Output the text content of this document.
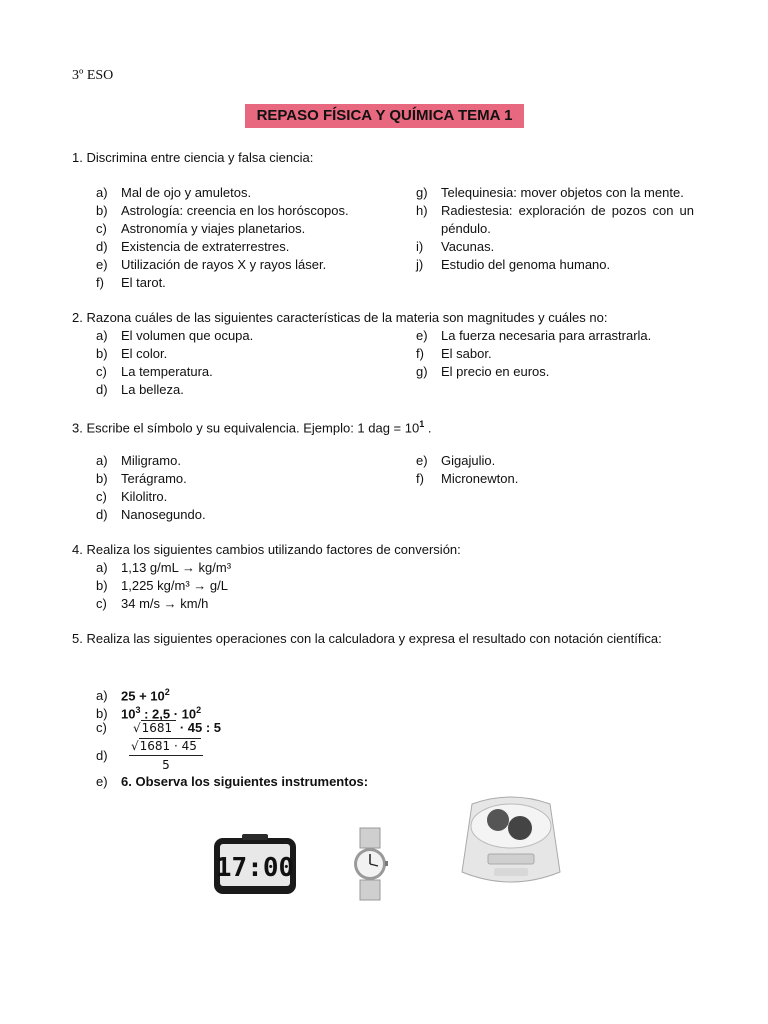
3º ESO
REPASO FÍSICA Y QUÍMICA TEMA 1
1. Discrimina entre ciencia y falsa ciencia:
a) Mal de ojo y amuletos.
b) Astrología: creencia en los horóscopos.
c) Astronomía y viajes planetarios.
d) Existencia de extraterrestres.
e) Utilización de rayos X y rayos láser.
f) El tarot.
g)	Telequinesia: mover objetos con la mente.
h)	Radiestesia: exploración de pozos con un péndulo.
i)	Vacunas.
j)	Estudio del genoma humano.
2. Razona cuáles de las siguientes características de la materia son magnitudes y cuáles no:
a) El volumen que ocupa.
b) El color.
c) La temperatura.
d) La belleza.
e) La fuerza necesaria para arrastrarla.
f) El sabor.
g) El precio en euros.
3. Escribe el símbolo y su equivalencia. Ejemplo: 1 dag = $10^1$ .
a) Miligramo.
b) Terágramo.
c) Kilolitro.
d) Nanosegundo.
e) Gigajulio.
f) Micronewton.
4. Realiza los siguientes cambios utilizando factores de conversión:
a) 1,13 g/mL → kg/m³
b) 1,225 kg/m³ → g/L
c) 34 m/s → km/h
5. Realiza las siguientes operaciones con la calculadora y expresa el resultado con notación científica:
a) $25 + 10^2$
b) $10^3$ : $2,5 \cdot 10^2$
c) √1681 · 45 : 5
$d) \frac{√1681 \cdot 45}{5}$
e) 6. Observa los siguientes instrumentos:
17:00
